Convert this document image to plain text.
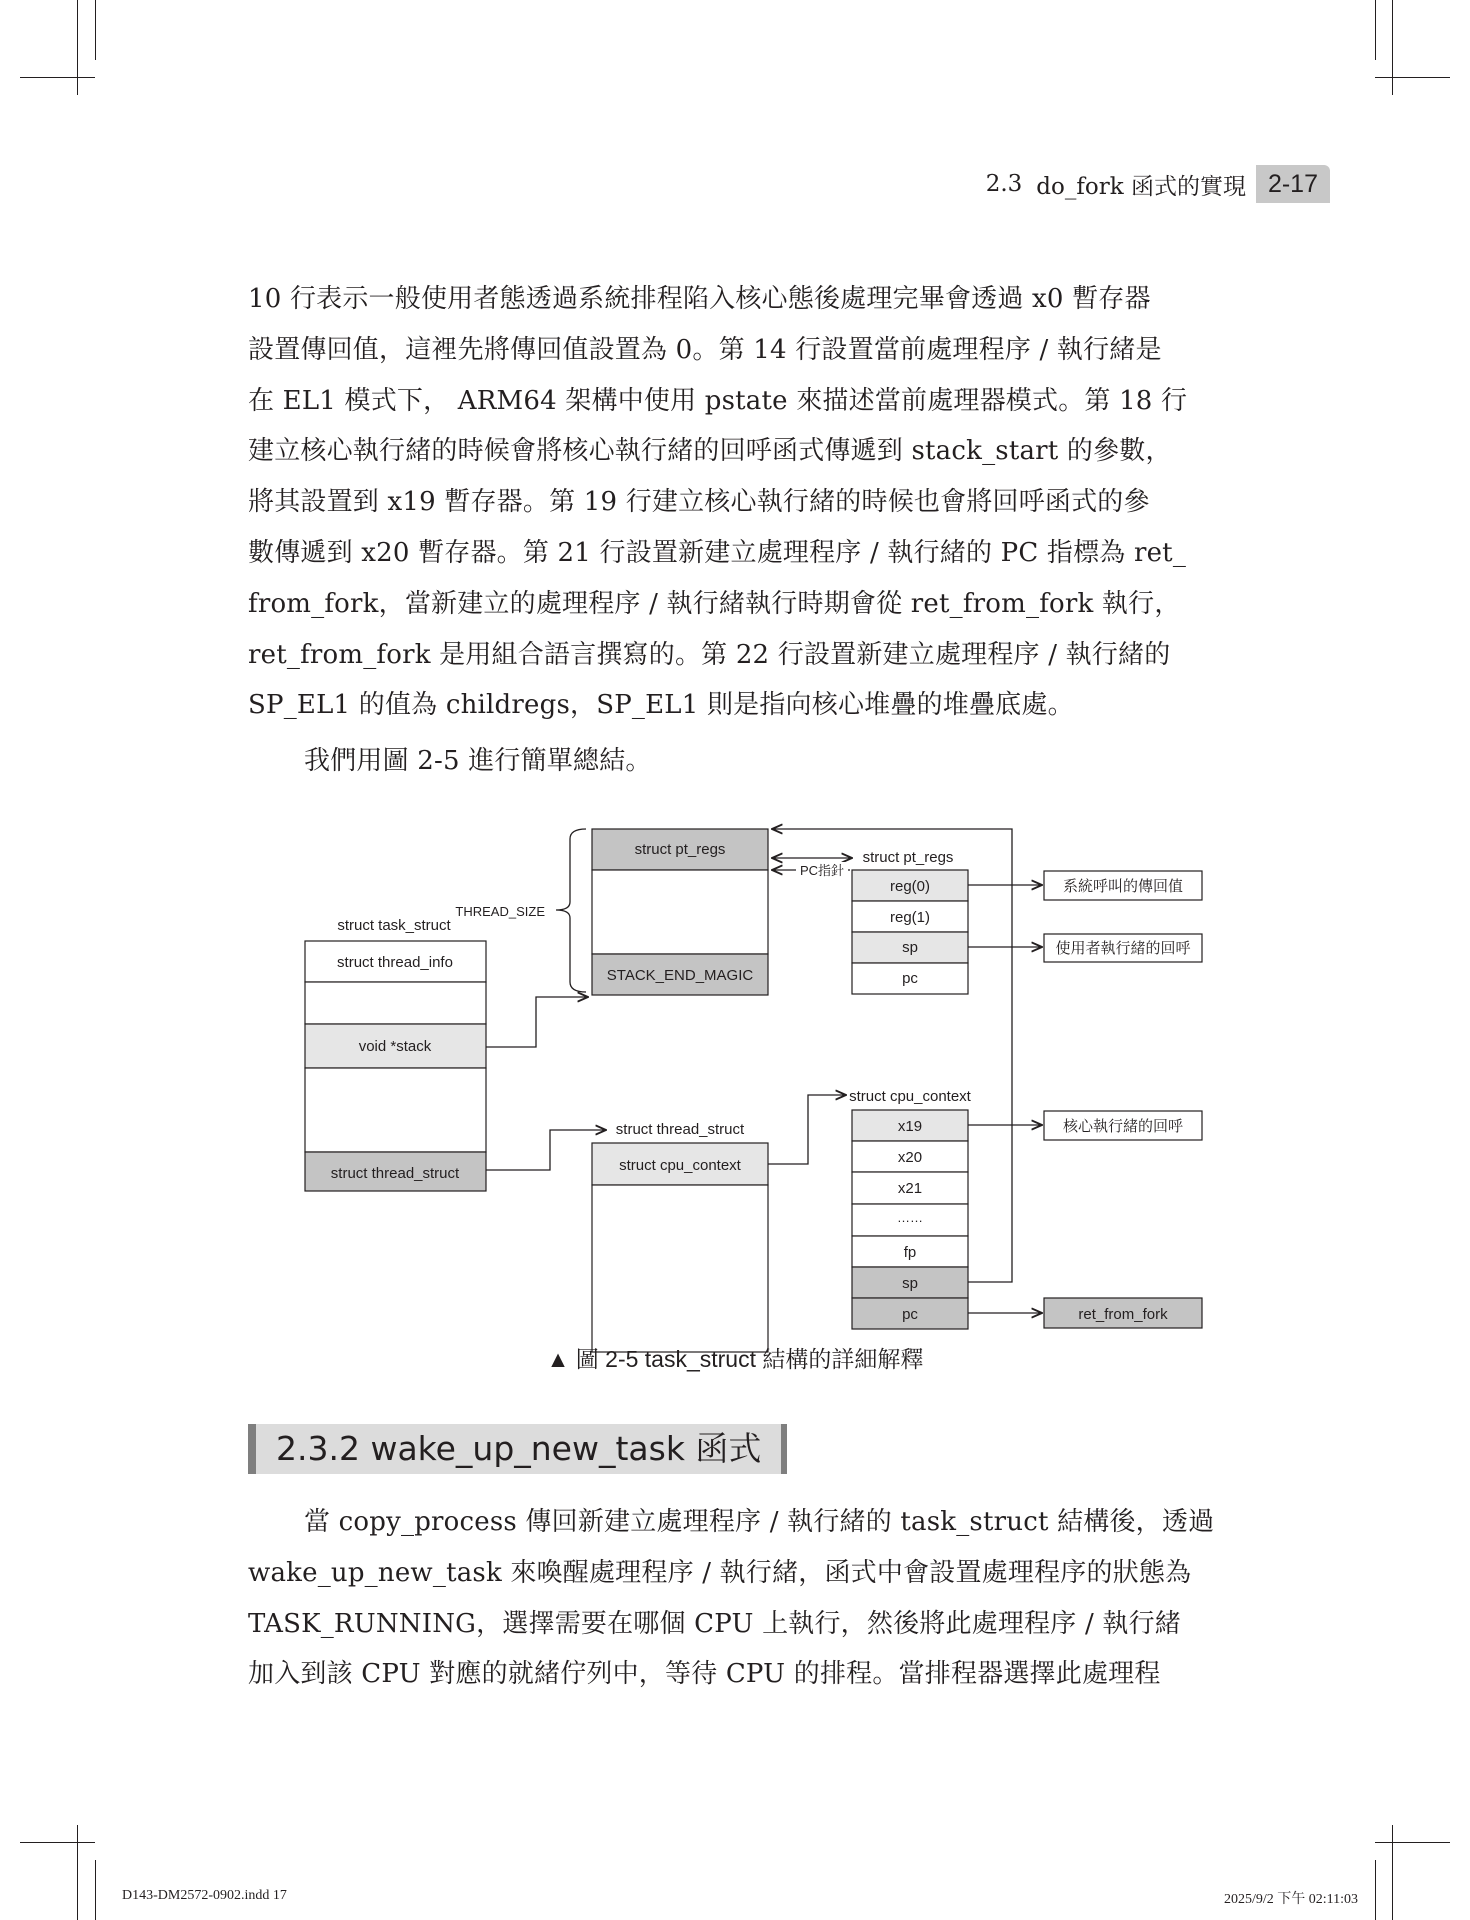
2.3 do_fork 函式的實現 2-17
10 行表示一般使用者態透過系統排程陷入核心態後處理完畢會透過 x0 暫存器
設置傳回值，這裡先將傳回值設置為 0。第 14 行設置當前處理程序 / 執行緒是
在 EL1 模式下， ARM64 架構中使用 pstate 來描述當前處理器模式。第 18 行
建立核心執行緒的時候會將核心執行緒的回呼函式傳遞到 stack_start 的參數，
將其設置到 x19 暫存器。第 19 行建立核心執行緒的時候也會將回呼函式的參
數傳遞到 x20 暫存器。第 21 行設置新建立處理程序 / 執行緒的 PC 指標為 ret_
from_fork，當新建立的處理程序 / 執行緒執行時期會從 ret_from_fork 執行，
ret_from_fork 是用組合語言撰寫的。第 22 行設置新建立處理程序 / 執行緒的
SP_EL1 的值為 childregs，SP_EL1 則是指向核心堆疊的堆疊底處。
我們用圖 2-5 進行簡單總結。
struct task_struct
struct thread_info
void *stack
struct thread_struct
THREAD_SIZE
struct pt_regs
STACK_END_MAGIC
struct pt_regs
reg(0)
reg(1)
sp
pc
PC指針
struct thread_struct
struct cpu_context
struct cpu_context
x19
x20
x21
……
fp
sp
pc
系統呼叫的傳回值
使用者執行緒的回呼
核心執行緒的回呼
ret_from_fork
▲ 圖 2-5 task_struct 結構的詳細解釋
2.3.2 wake_up_new_task 函式
當 copy_process 傳回新建立處理程序 / 執行緒的 task_struct 結構後，透過
wake_up_new_task 來喚醒處理程序 / 執行緒，函式中會設置處理程序的狀態為
TASK_RUNNING，選擇需要在哪個 CPU 上執行，然後將此處理程序 / 執行緒
加入到該 CPU 對應的就緒佇列中，等待 CPU 的排程。當排程器選擇此處理程
D143-DM2572-0902.indd 17	2025/9/2 下午 02:11:03
